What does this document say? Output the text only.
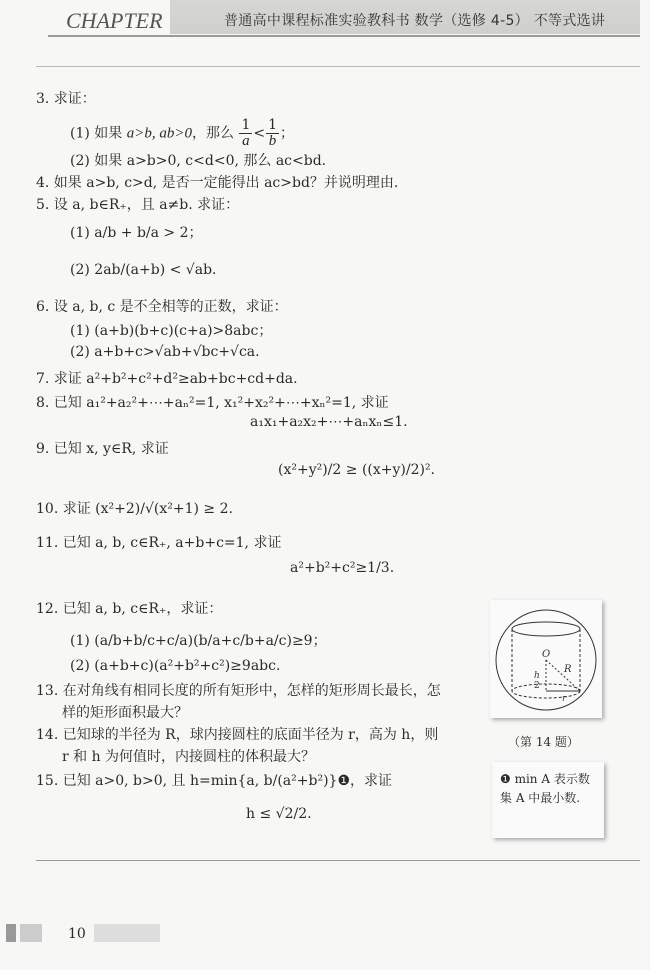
CHAPTER	普通高中课程标准实验教科书 数学（选修 4-5） 不等式选讲
3. 求证：
(1) 如果 a>b, ab>0，那么 $\frac{1}{a} < \frac{1}{b}$ ；
(2) 如果 a>b>0, c<d<0, 那么 ac<bd.
4. 如果 a>b, c>d, 是否一定能得出 ac>bd？并说明理由.
5. 设 a, b∈R₊，且 a≠b. 求证：
(1) a/b + b/a > 2；
(2) 2ab/(a+b) < √ab.
6. 设 a, b, c 是不全相等的正数，求证：
(1) (a+b)(b+c)(c+a)>8abc；
(2) a+b+c>√ab+√bc+√ca.
7. 求证 a²+b²+c²+d²≥ab+bc+cd+da.
8. 已知 a₁²+a₂²+⋯+aₙ²=1, x₁²+x₂²+⋯+xₙ²=1, 求证
a₁x₁+a₂x₂+⋯+aₙxₙ≤1.
9. 已知 x, y∈R, 求证
(x²+y²)/2 ≥ ((x+y)/2)².
10. 求证 (x²+2)/√(x²+1) ≥ 2.
11. 已知 a, b, c∈R₊, a+b+c=1, 求证
a²+b²+c²≥1/3.
12. 已知 a, b, c∈R₊，求证：
(1) (a/b+b/c+c/a)(b/a+c/b+a/c)≥9；
(2) (a+b+c)(a²+b²+c²)≥9abc.
13. 在对角线有相同长度的所有矩形中，怎样的矩形周长最长，怎
样的矩形面积最大？
14. 已知球的半径为 R，球内接圆柱的底面半径为 r，高为 h，则
r 和 h 为何值时，内接圆柱的体积最大？
15. 已知 a>0, b>0, 且 h=min{a, b/(a²+b²)}❶，求证
h ≤ √2/2.
O
h
2
R
r
（第 14 题）
❶ min A 表示数集 A 中最小数.
10
